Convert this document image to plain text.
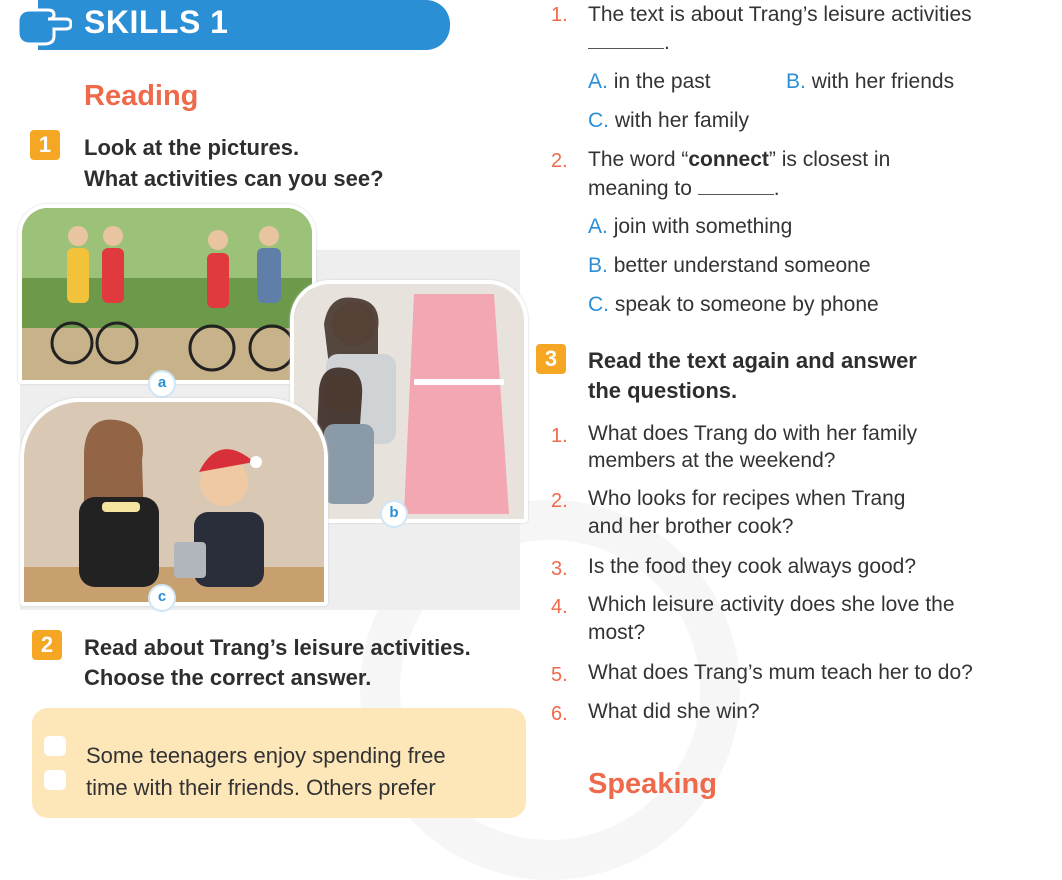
SKILLS 1
Reading
1	Look at the pictures.
What activities can you see?
a
b
c
2	Read about Trang’s leisure activities.
Choose the correct answer.
Some teenagers enjoy spending free
time with their friends. Others prefer
1. The text is about Trang’s leisure activities
.
A. in the past	B. with her friends
C. with her family
2. The word “connect” is closest in
meaning to	.
A. join with something
B. better understand someone
C. speak to someone by phone
3	Read the text again and answer
the questions.
1. What does Trang do with her family
members at the weekend?
2. Who looks for recipes when Trang
and her brother cook?
3. Is the food they cook always good?
4. Which leisure activity does she love the
most?
5. What does Trang’s mum teach her to do?
6. What did she win?
Speaking
